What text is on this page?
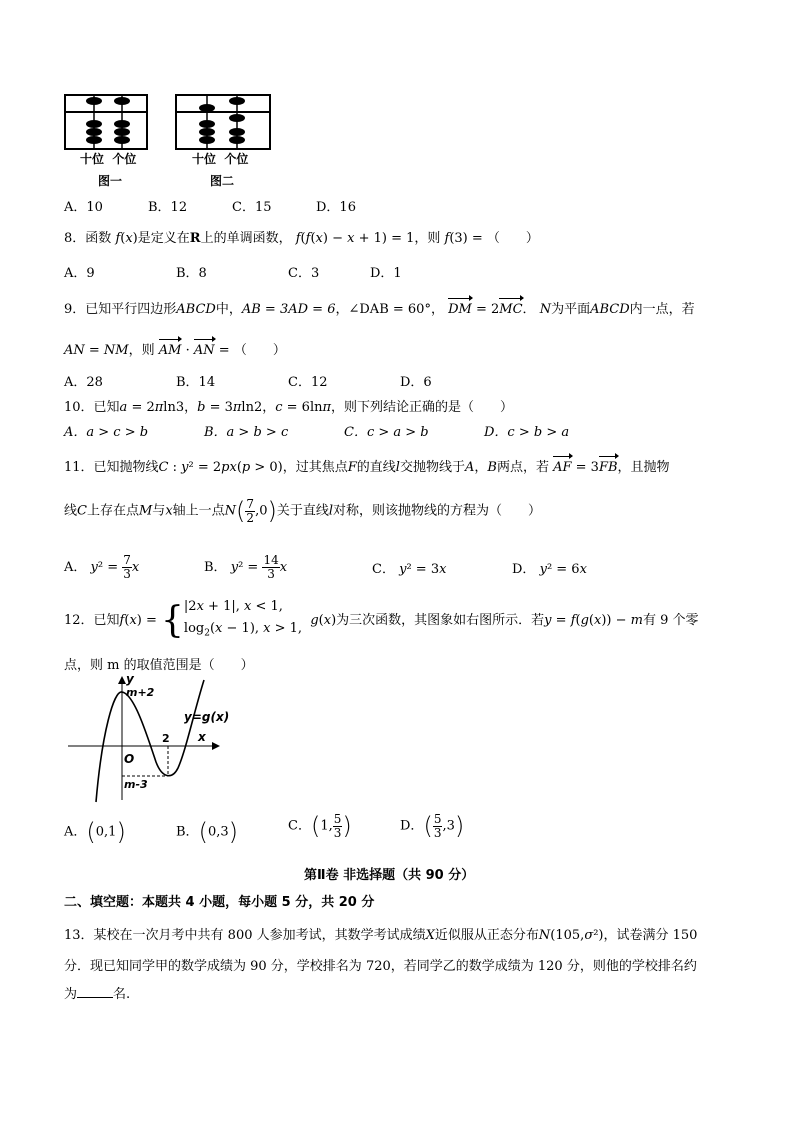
十位 个位
图一
十位 个位
图二
A．10	B．12	C．15	D．16
8．函数 f(x)是定义在R上的单调函数， f(f(x) − x + 1) = 1，则 f(3) = （　　）
A．9	B．8	C．3	D．1
9．已知平行四边形ABCD中，AB = 3AD = 6，∠DAB = 60°， DM = 2MC． N为平面ABCD内一点，若
AN = NM，则 AM · AN = （　　）
A．28	B．14	C．12	D．6
10．已知a = 2πln3，b = 3πln2，c = 6lnπ，则下列结论正确的是（　　）
A．a > c > b	B．a > b > c	C．c > a > b	D．c > b > a
11．已知抛物线C : y² = 2px(p > 0)，过其焦点F的直线l交抛物线于A，B两点，若 AF = 3FB，且抛物
线C上存在点M与x轴上一点$N( \frac{7}{2} ,0)$关于直线l对称，则该抛物线的方程为（　　）
A． $y^2 = \frac{7}{3}$ x	B． $y^2 = \frac{14}{3}$ x	C． y² = 3x	D． y² = 6x
12．已知f(x) = {|2x + 1|, x < 1,
$\log_2(x - 1)$, x > 1,  g(x)为三次函数，其图象如右图所示．若y = f(g(x)) − m有 9 个零
点，则 m 的取值范围是（　　）
y
x
O
m+2
m-3
2
y=g(x)
A．(0,1)	B．(0,3)	C．(1, $\frac{5}{3}$ )	D．( $\frac{5}{3} ,3$)
第Ⅱ卷 非选择题（共 90 分）
二、填空题：本题共 4 小题，每小题 5 分，共 20 分
13．某校在一次月考中共有 800 人参加考试，其数学考试成绩X近似服从正态分布N(105,σ²)，试卷满分 150
分．现已知同学甲的数学成绩为 90 分，学校排名为 720，若同学乙的数学成绩为 120 分，则他的学校排名约
为	名.
